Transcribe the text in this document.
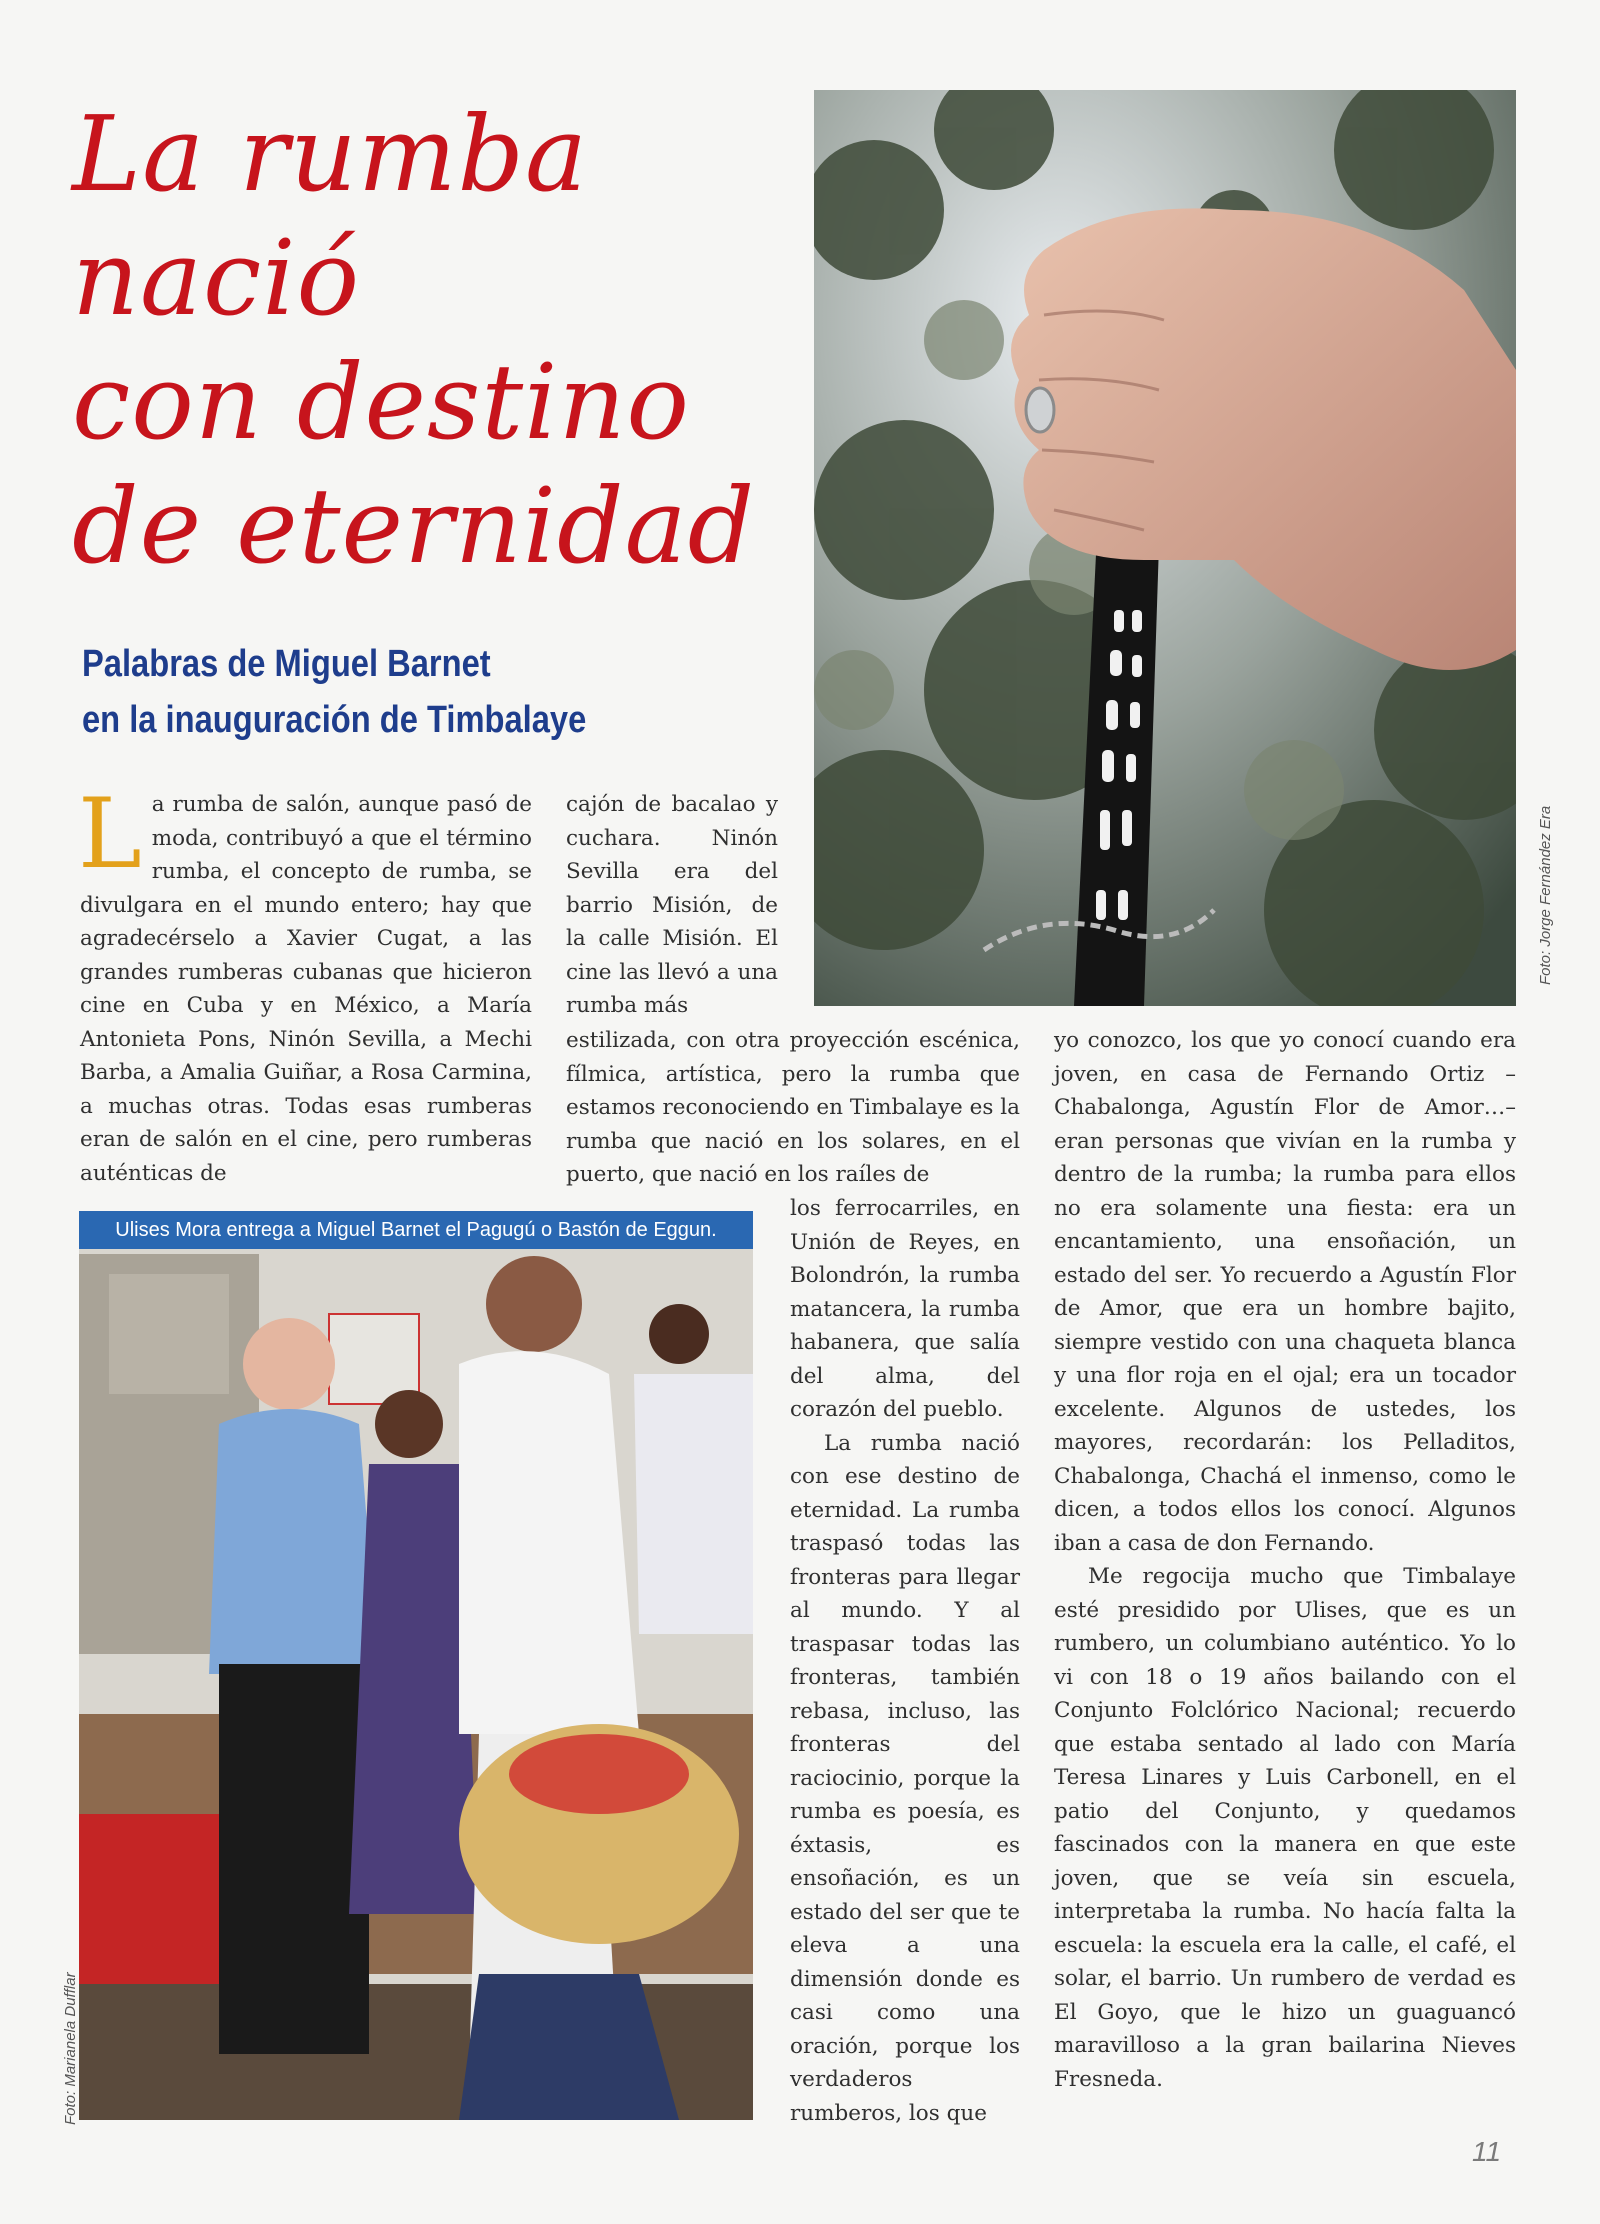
La rumba
nació
con destino
de eternidad
Palabras de Miguel Barnet
en la inauguración de Timbalaye
Foto: Jorge Fernández Era
Ulises Mora entrega a Miguel Barnet el Pagugú o Bastón de Eggun.
Foto: Marianela Dufflar

La rumba de salón, aunque pasó de moda, contribuyó a que el término rumba, el concepto de rumba, se divulgara en el mundo entero; hay que agradecérselo a Xavier Cugat, a las grandes rumberas cubanas que hicieron cine en Cuba y en México, a María Antonieta Pons, Ninón Sevilla, a Mechi Barba, a Amalia Guiñar, a Rosa Carmina, a muchas otras. Todas esas rumberas eran de salón en el cine, pero rumberas auténticas de

cajón de bacalao y cuchara. Ninón Sevilla era del barrio Misión, de la calle Misión. El cine las llevó a una rumba más

estilizada, con otra proyección escénica, fílmica, artística, pero la rumba que estamos reconociendo en Timbalaye es la rumba que nació en los solares, en el puerto, que nació en los raíles de

los ferrocarriles, en Unión de Reyes, en Bolondrón, la rumba matancera, la rumba habanera, que salía del alma, del corazón del pueblo.

La rumba nació con ese destino de eternidad. La rumba traspasó todas las fronteras para llegar al mundo. Y al traspasar todas las fronteras, también rebasa, incluso, las fronteras del raciocinio, porque la rumba es poesía, es éxtasis, es ensoñación, es un estado del ser que te eleva a una dimensión donde es casi como una oración, porque los verdaderos rumberos, los que

yo conozco, los que yo conocí cuando era joven, en casa de Fernando Ortiz –Chabalonga, Agustín Flor de Amor…– eran personas que vivían en la rumba y dentro de la rumba; la rumba para ellos no era solamente una fiesta: era un encantamiento, una ensoñación, un estado del ser. Yo recuerdo a Agustín Flor de Amor, que era un hombre bajito, siempre vestido con una chaqueta blanca y una flor roja en el ojal; era un tocador excelente. Algunos de ustedes, los mayores, recordarán: los Pelladitos, Chabalonga, Chachá el inmenso, como le dicen, a todos ellos los conocí. Algunos iban a casa de don Fernando.

Me regocija mucho que Timbalaye esté presidido por Ulises, que es un rumbero, un columbiano auténtico. Yo lo vi con 18 o 19 años bailando con el Conjunto Folclórico Nacional; recuerdo que estaba sentado al lado con María Teresa Linares y Luis Carbonell, en el patio del Conjunto, y quedamos fascinados con la manera en que este joven, que se veía sin escuela, interpretaba la rumba. No hacía falta la escuela: la escuela era la calle, el café, el solar, el barrio. Un rumbero de verdad es El Goyo, que le hizo un guaguancó maravilloso a la gran bailarina Nieves Fresneda.

11
